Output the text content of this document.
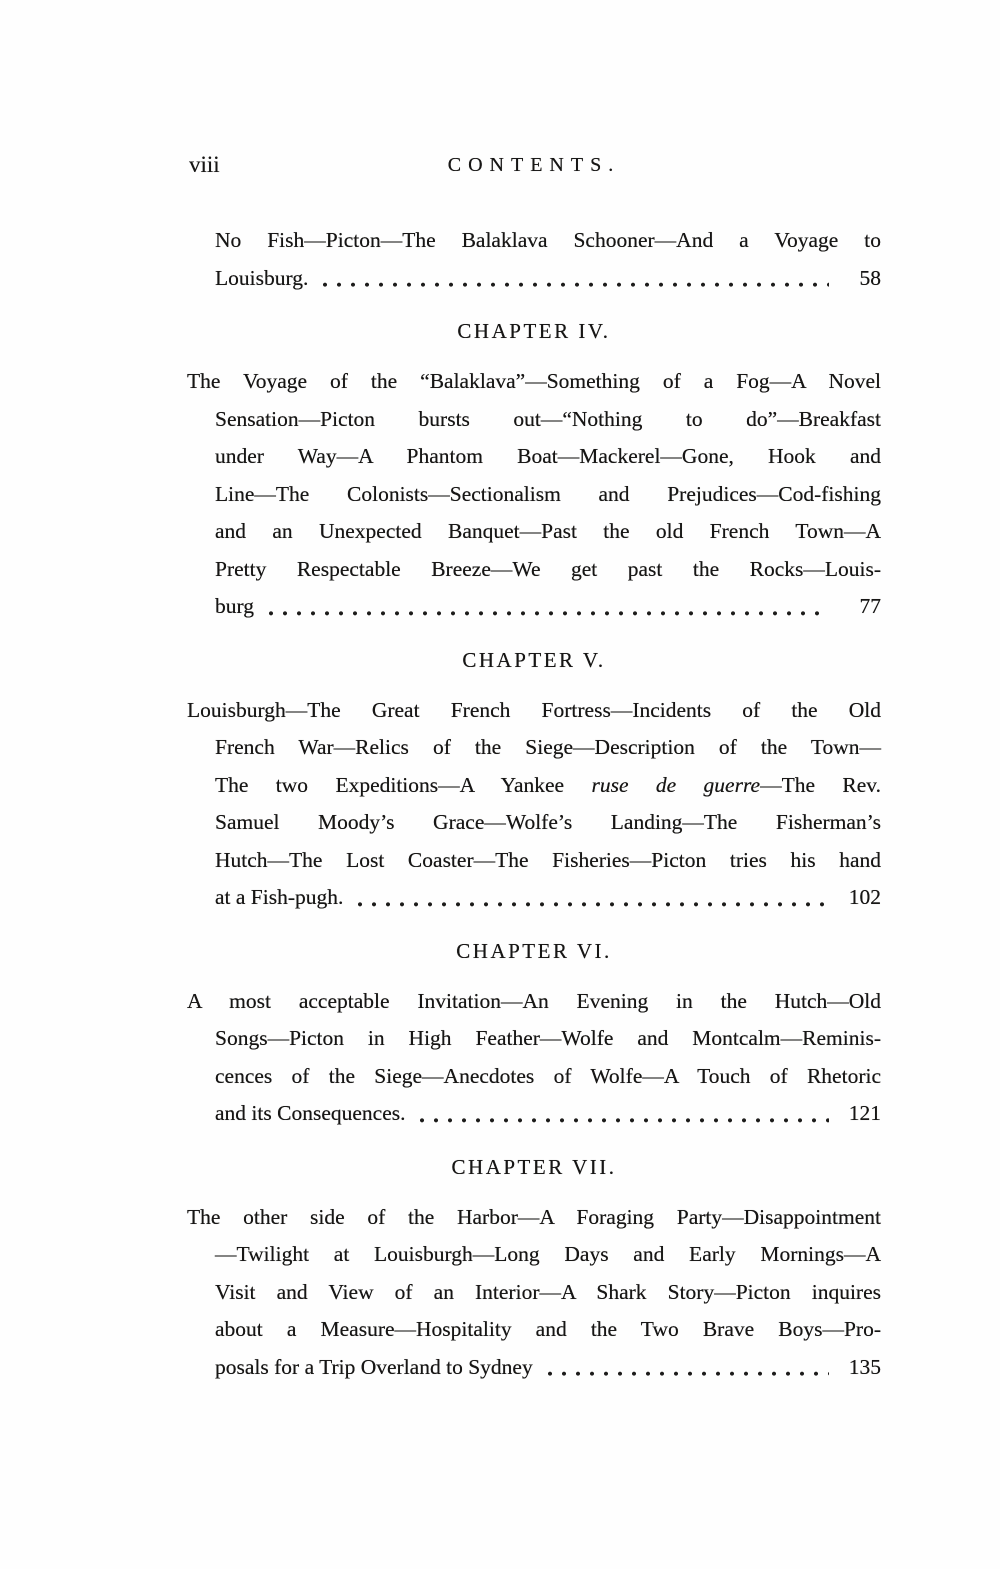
viii	CONTENTS.
No Fish—Picton—The Balaklava Schooner—And a Voyage to
Louisburg.	58
CHAPTER IV.
The Voyage of the “Balaklava”—Something of a Fog—A Novel
Sensation—Picton bursts out—“Nothing to do”—Breakfast
under Way—A Phantom Boat—Mackerel—Gone, Hook and
Line—The Colonists—Sectionalism and Prejudices—Cod-fishing
and an Unexpected Banquet—Past the old French Town—A
Pretty Respectable Breeze—We get past the Rocks—Louis-
burg	77
CHAPTER V.
Louisburgh—The Great French Fortress—Incidents of the Old
French War—Relics of the Siege—Description of the Town—
The two Expeditions—A Yankee ruse de guerre—The Rev.
Samuel Moody’s Grace—Wolfe’s Landing—The Fisherman’s
Hutch—The Lost Coaster—The Fisheries—Picton tries his hand
at a Fish-pugh.	102
CHAPTER VI.
A most acceptable Invitation—An Evening in the Hutch—Old
Songs—Picton in High Feather—Wolfe and Montcalm—Reminis-
cences of the Siege—Anecdotes of Wolfe—A Touch of Rhetoric
and its Consequences.	121
CHAPTER VII.
The other side of the Harbor—A Foraging Party—Disappointment
—Twilight at Louisburgh—Long Days and Early Mornings—A
Visit and View of an Interior—A Shark Story—Picton inquires
about a Measure—Hospitality and the Two Brave Boys—Pro-
posals for a Trip Overland to Sydney	135
